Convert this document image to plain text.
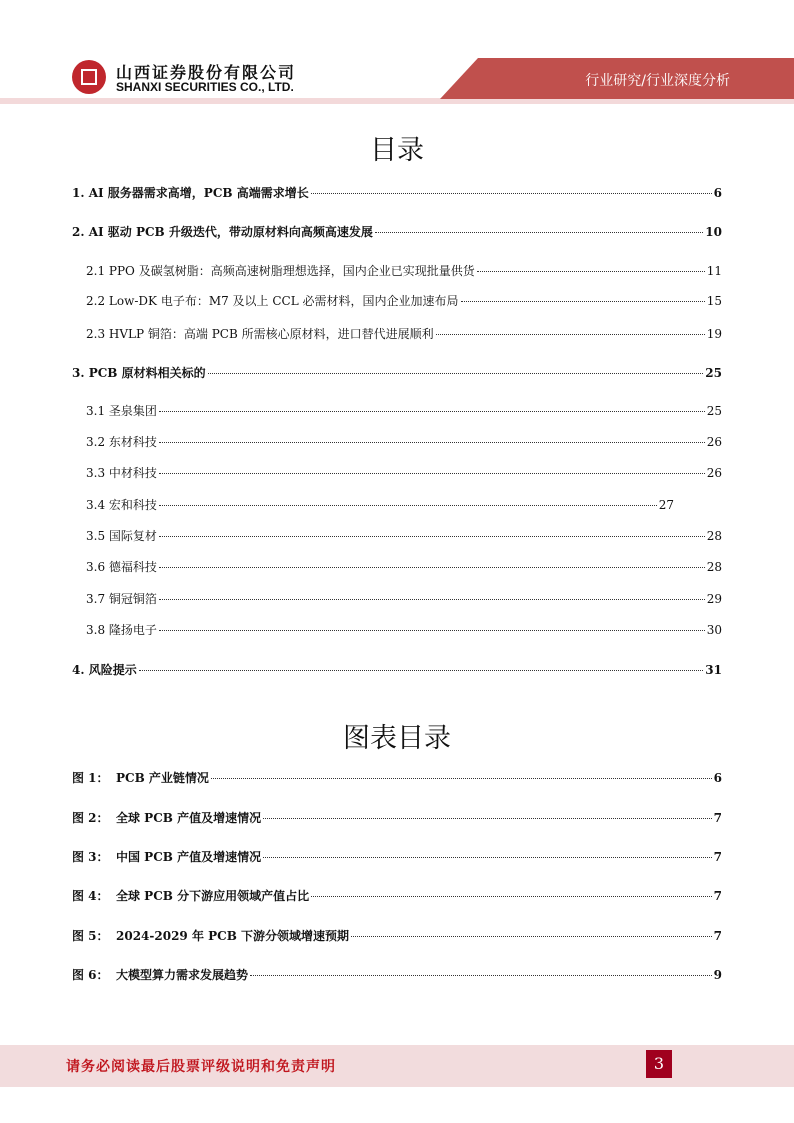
山西证券股份有限公司
SHANXI SECURITIES CO., LTD.	行业研究/行业深度分析
目录
1. AI 服务器需求高增，PCB 高端需求增长	6
2. AI 驱动 PCB 升级迭代，带动原材料向高频高速发展	10
2.1 PPO 及碳氢树脂：高频高速树脂理想选择，国内企业已实现批量供货	11
2.2 Low-DK 电子布：M7 及以上 CCL 必需材料，国内企业加速布局	15
2.3 HVLP 铜箔：高端 PCB 所需核心原材料，进口替代进展顺利	19
3. PCB 原材料相关标的	25
3.1 圣泉集团	25
3.2 东材科技	26
3.3 中材科技	26
3.4 宏和科技	27
3.5 国际复材	28
3.6 德福科技	28
3.7 铜冠铜箔	29
3.8 隆扬电子	30
4. 风险提示	31
图表目录
图 1： PCB 产业链情况	6
图 2： 全球 PCB 产值及增速情况	7
图 3： 中国 PCB 产值及增速情况	7
图 4： 全球 PCB 分下游应用领域产值占比	7
图 5： 2024-2029 年 PCB 下游分领域增速预期	7
图 6： 大模型算力需求发展趋势	9
请务必阅读最后股票评级说明和免责声明	3
